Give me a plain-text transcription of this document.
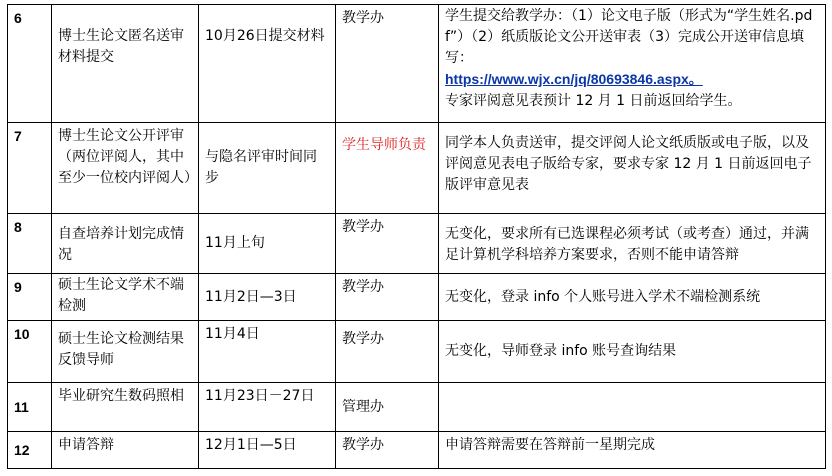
6	博士生论文匿名送审材料提交	10月26日提交材料	教学办	学生提交给教学办：（1）论文电子版（形式为“学生姓名.pdf”）（2）纸质版论文公开送审表（3）完成公开送审信息填写：
https://www.wjx.cn/jq/80693846.aspx。
专家评阅意见表预计 12 月 1 日前返回给学生。

7	博士生论文公开评审（两位评阅人，其中至少一位校内评阅人）	与隐名评审时间同步	学生导师负责	同学本人负责送审，提交评阅人论文纸质版或电子版，以及评阅意见表电子版给专家，要求专家 12 月 1 日前返回电子版评审意见表
8	自查培养计划完成情况	11月上旬	教学办	无变化，要求所有已选课程必须考试（或考查）通过，并满足计算机学科培养方案要求，否则不能申请答辩
9	硕士生论文学术不端检测	11月2日—3日	教学办	无变化，登录 info 个人账号进入学术不端检测系统
10	硕士生论文检测结果反馈导师	11月4日	教学办	无变化，导师登录 info 账号查询结果
11	毕业研究生数码照相	11月23日－27日	管理办	
12	申请答辩	12月1日—5日	教学办	申请答辩需要在答辩前一星期完成
